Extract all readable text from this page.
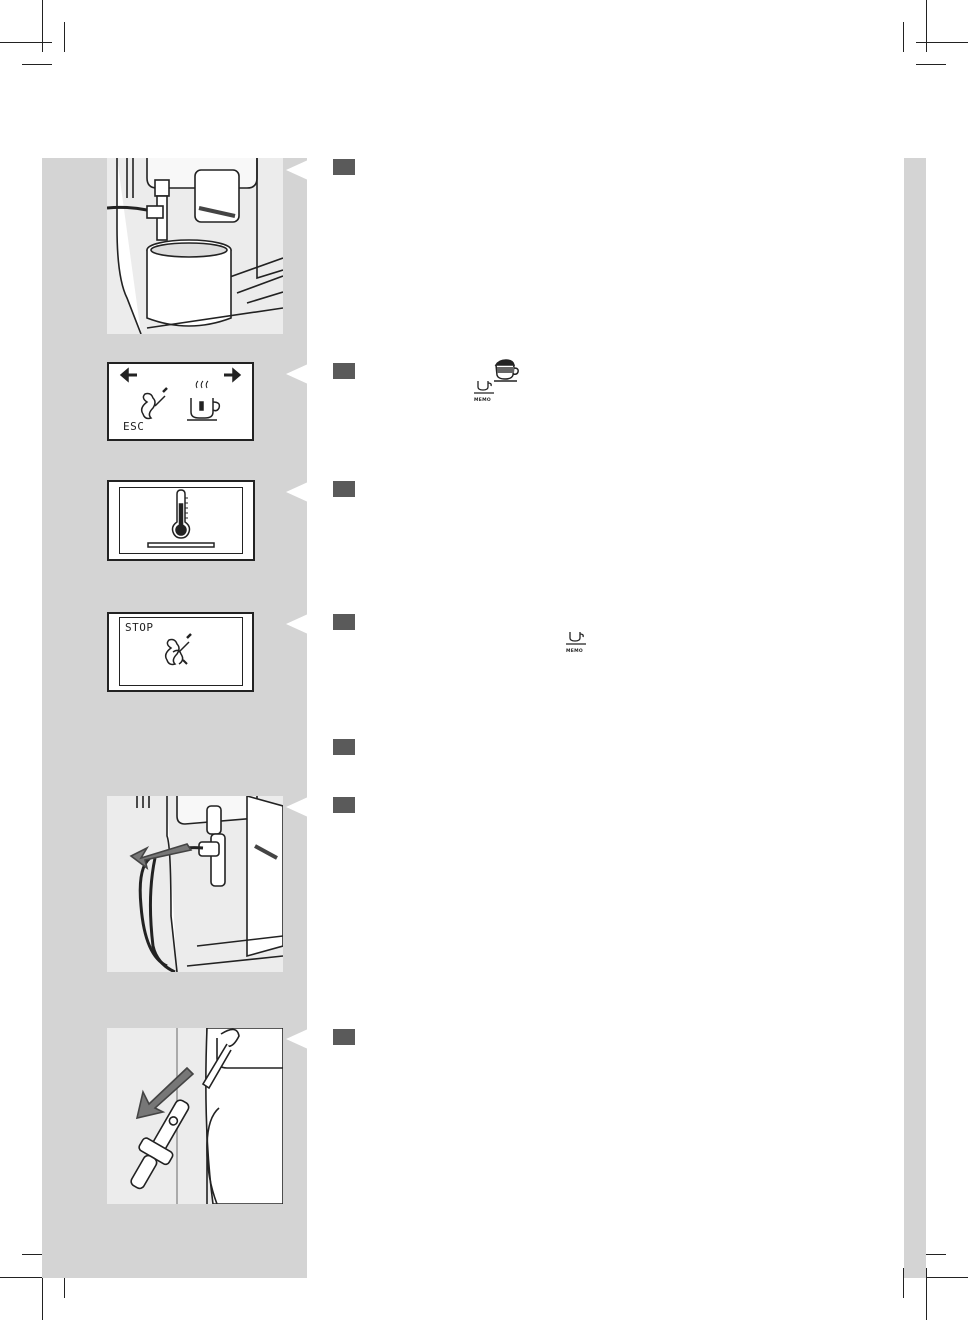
ESC
STOP
MEMO
MEMO
